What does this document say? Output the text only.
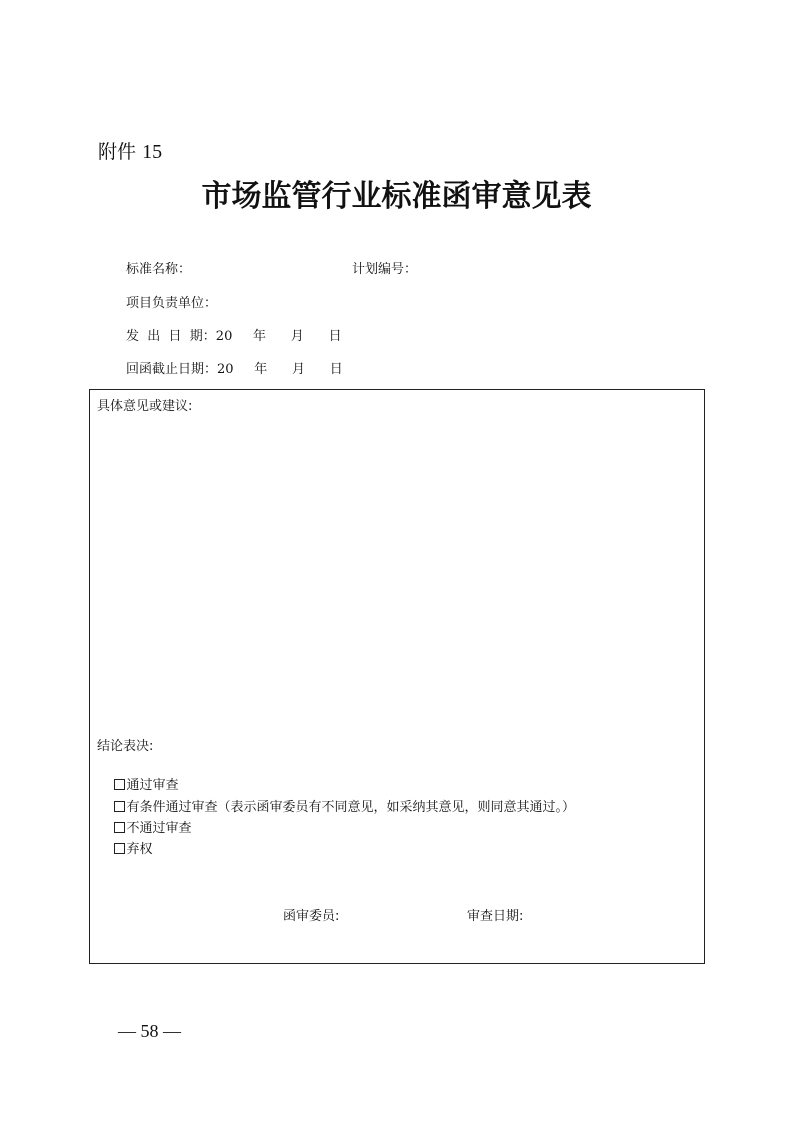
附件 15
市场监管行业标准函审意见表
标准名称：	计划编号：
项目负责单位：
发  出  日  期：20     年      月      日
回函截止日期：20     年      月      日
具体意见或建议:
结论表决:

通过审查

有条件通过审查（表示函审委员有不同意见，如采纳其意见，则同意其通过。）

不通过审查

弃权

函审委员:	审查日期:
— 58 —
